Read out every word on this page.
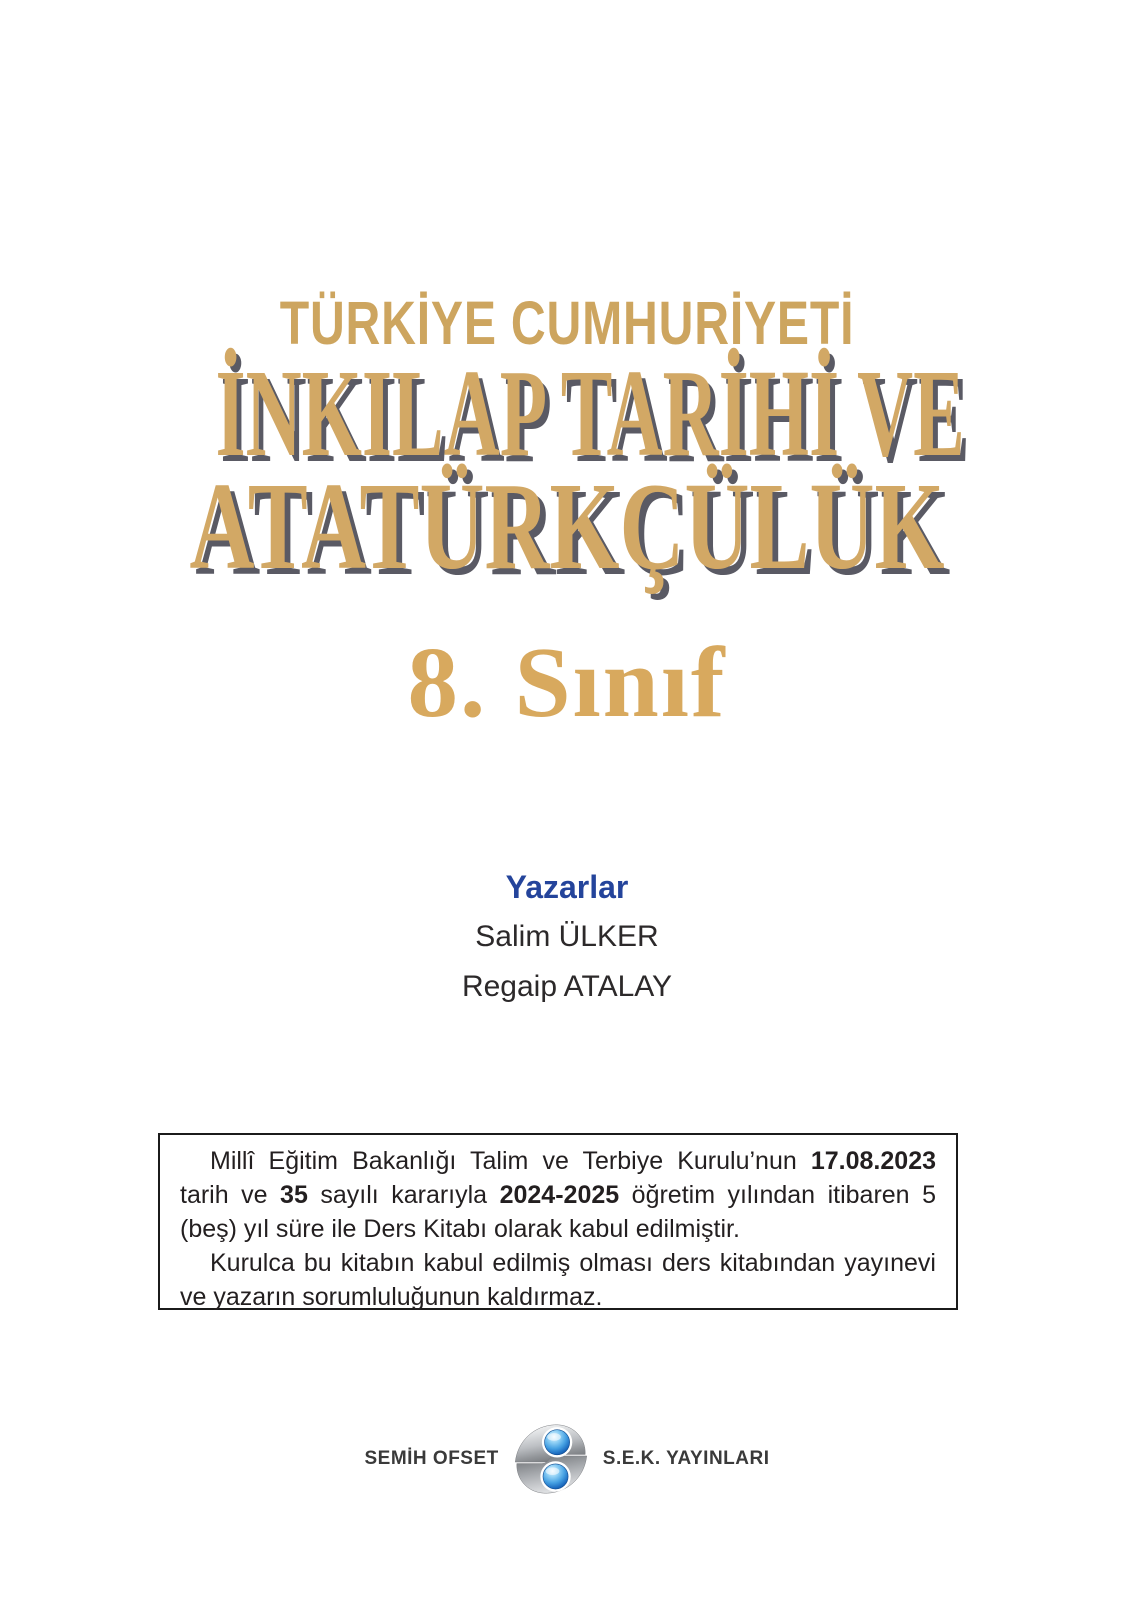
TÜRKİYE CUMHURİYETİ
İNKILAP TARİHİ VE
ATATÜRKÇÜLÜK
8. Sınıf
Yazarlar
Salim ÜLKER
Regaip ATALAY

Millî Eğitim Bakanlığı Talim ve Terbiye Kurulu’nun 17.08.2023 tarih ve 35 sayılı kararıyla 2024-2025 öğretim yılından itibaren 5 (beş) yıl süre ile Ders Kitabı olarak kabul edilmiştir.

Kurulca bu kitabın kabul edilmiş olması ders kitabından yayınevi ve yazarın sorumluluğunun kaldırmaz.

SEMİH OFSET	S.E.K. YAYINLARI
